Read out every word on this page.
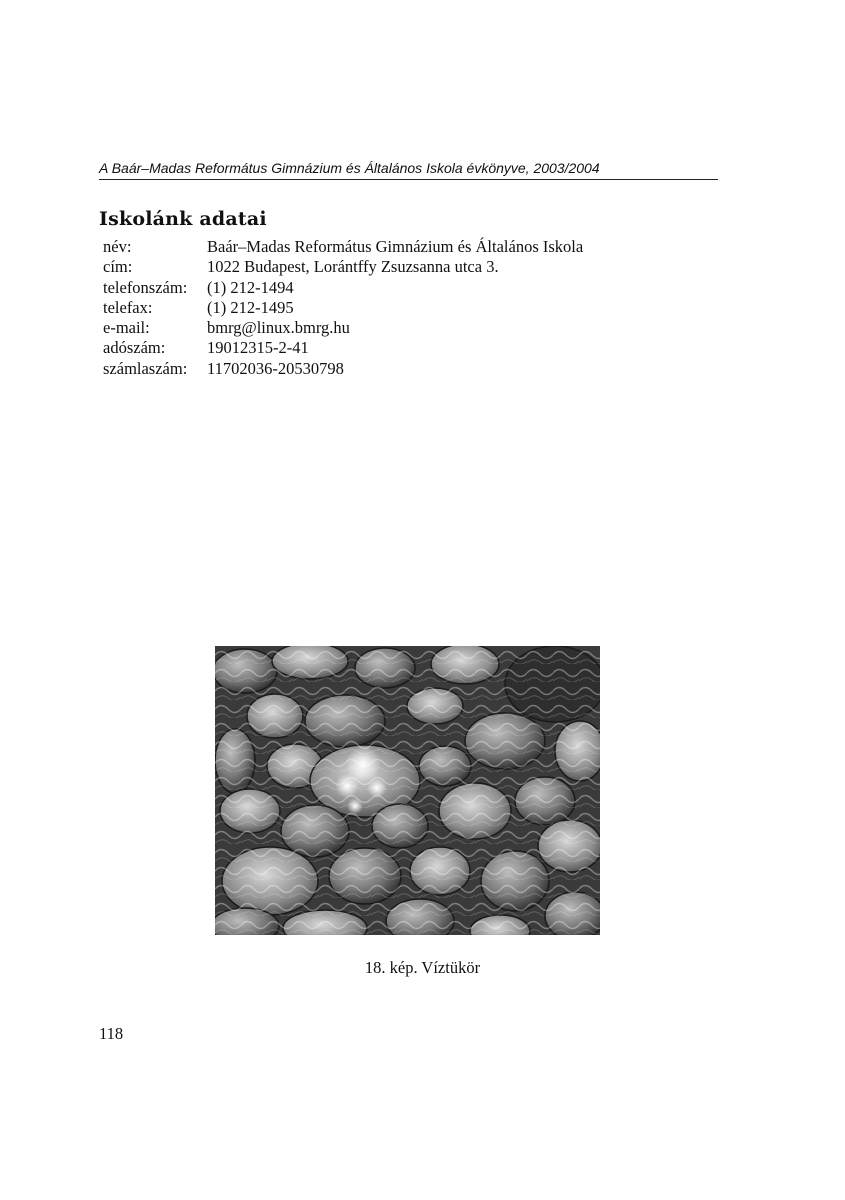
A Baár–Madas Református Gimnázium és Általános Iskola évkönyve, 2003/2004
Iskolánk adatai
név:	Baár–Madas Református Gimnázium és Általános Iskola
cím:	1022 Budapest, Lorántffy Zsuzsanna utca 3.
telefonszám:	(1) 212-1494
telefax:	(1) 212-1495
e-mail:	bmrg@linux.bmrg.hu
adószám:	19012315-2-41
számlaszám:	11702036-20530798
18. kép. Víztükör
118
